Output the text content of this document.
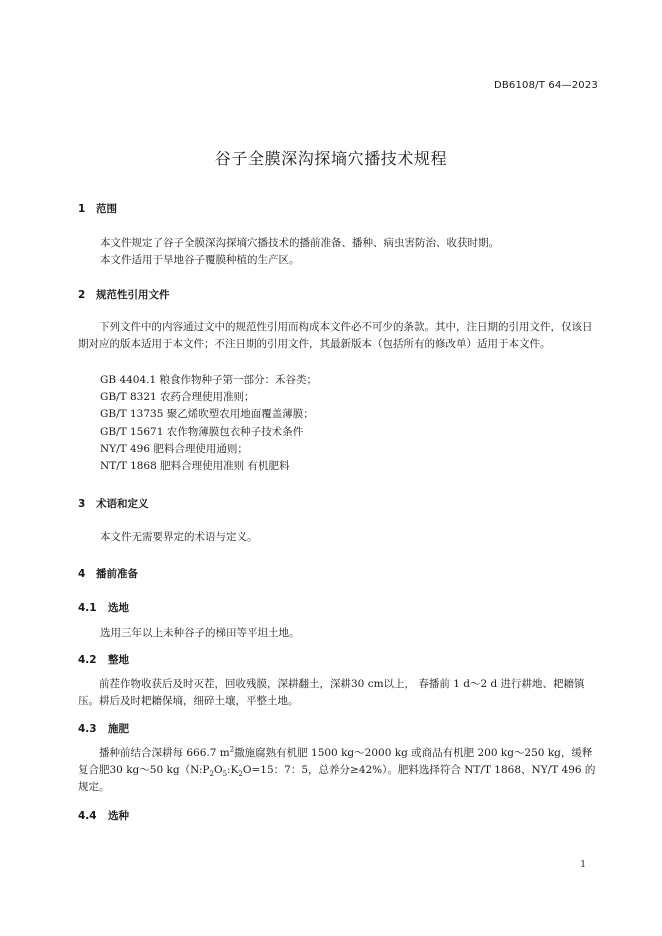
DB6108/T 64—2023
谷子全膜深沟探墒穴播技术规程
1 范围
本文件规定了谷子全膜深沟探墒穴播技术的播前准备、播种、病虫害防治、收获时期。
本文件适用于旱地谷子覆膜种植的生产区。
2 规范性引用文件
下列文件中的内容通过文中的规范性引用而构成本文件必不可少的条款。其中，注日期的引用文件，仅该日期对应的版本适用于本文件；不注日期的引用文件，其最新版本（包括所有的修改单）适用于本文件。
GB 4404.1 粮食作物种子第一部分：禾谷类；
GB/T 8321 农药合理使用准则；
GB/T 13735 聚乙烯吹塑农用地面覆盖薄膜；
GB/T 15671 农作物薄膜包衣种子技术条件
NY/T 496 肥料合理使用通则；
NT/T 1868 肥料合理使用准则 有机肥料
3 术语和定义
本文件无需要界定的术语与定义。
4 播前准备
4.1 选地
选用三年以上未种谷子的梯田等平坦土地。
4.2 整地
前茬作物收获后及时灭茬，回收残膜，深耕翻土，深耕30 cm以上， 春播前 1 d～2 d 进行耕地、耙耱镇压。耕后及时耙耱保墒，细碎土壤，平整土地。
4.3 施肥
播种前结合深耕每 666.7 $m^2$撒施腐熟有机肥 1500 kg～2000 kg 或商品有机肥 200 kg～250 kg，缓释复合肥30 kg～50 $kg(N:P_2O_5:K_2O=15$：7：5，总养分≥42%）。肥料选择符合 NT/T 1868、NY/T 496 的规定。
4.4 选种
1
